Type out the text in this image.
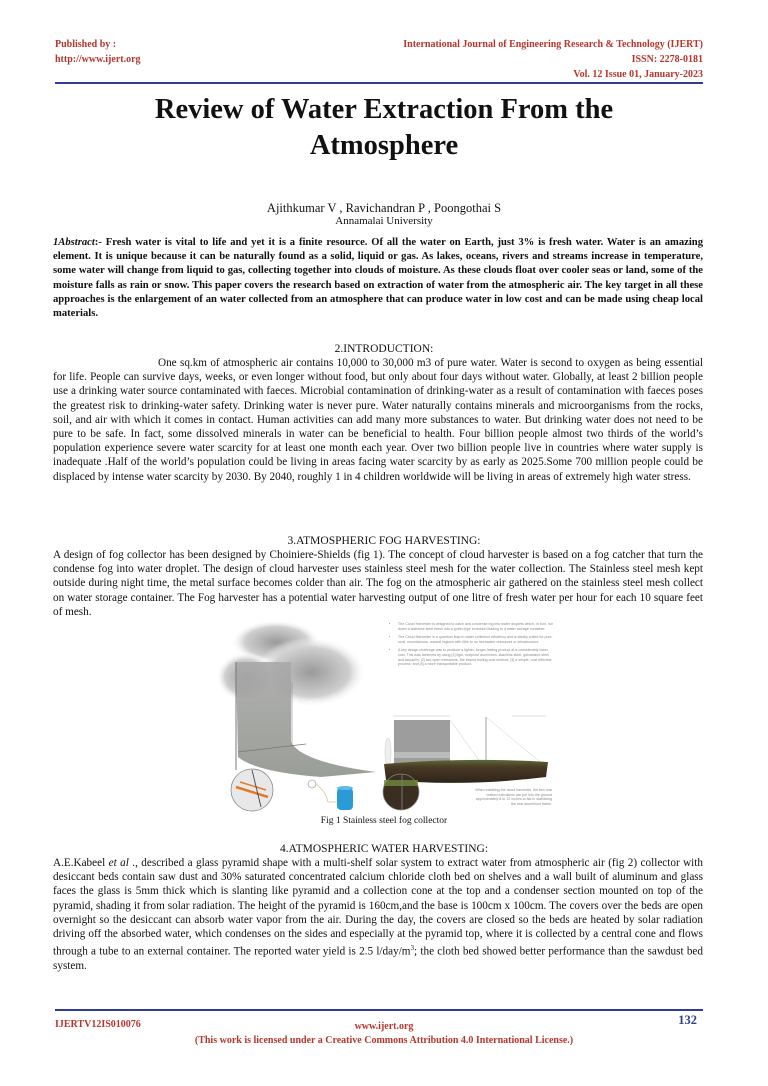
Published by :
http://www.ijert.org
International Journal of Engineering Research & Technology (IJERT)
ISSN: 2278-0181
Vol. 12 Issue 01, January-2023
Review of Water Extraction From the
Atmosphere
Ajithkumar V , Ravichandran P , Poongothai S
Annamalai University
1Abstract:- Fresh water is vital to life and yet it is a finite resource. Of all the water on Earth, just 3% is fresh water. Water is an amazing element. It is unique because it can be naturally found as a solid, liquid or gas. As lakes, oceans, rivers and streams increase in temperature, some water will change from liquid to gas, collecting together into clouds of moisture. As these clouds float over cooler seas or land, some of the moisture falls as rain or snow. This paper covers the research based on extraction of water from the atmospheric air. The key target in all these approaches is the enlargement of an water collected from an atmosphere that can produce water in low cost and can be made using cheap local materials.
2.INTRODUCTION:
One sq.km of atmospheric air contains 10,000 to 30,000 m3 of pure water. Water is second to oxygen as being essential for life. People can survive days, weeks, or even longer without food, but only about four days without water. Globally, at least 2 billion people use a drinking water source contaminated with faeces. Microbial contamination of drinking-water as a result of contamination with faeces poses the greatest risk to drinking-water safety. Drinking water is never pure. Water naturally contains minerals and microorganisms from the rocks, soil, and air with which it comes in contact. Human activities can add many more substances to water. But drinking water does not need to be pure to be safe. In fact, some dissolved minerals in water can be beneficial to health. Four billion people almost two thirds of the world’s population experience severe water scarcity for at least one month each year. Over two billion people live in countries where water supply is inadequate .Half of the world’s population could be living in areas facing water scarcity by as early as 2025.Some 700 million people could be displaced by intense water scarcity by 2030. By 2040, roughly 1 in 4 children worldwide will be living in areas of extremely high water stress.
3.ATMOSPHERIC FOG HARVESTING:
A design of fog collector has been designed by Choiniere-Shields (fig 1). The concept of cloud harvester is based on a fog catcher that turn the condense fog into water droplet. The design of cloud harvester uses stainless steel mesh for the water collection. The Stainless steel mesh kept outside during night time, the metal surface becomes colder than air. The fog on the atmospheric air gathered on the stainless steel mesh collect on water storage container. The Fog harvester has a potential water harvesting output of one litre of fresh water per hour for each 10 square feet of mesh.
• The Cloud Harvester is designed to catch and condense fog into water droplets which, in turn, run down a stainless steel mesh into a gutter-type extrusion leading to a water storage container.
• The Cloud Harvester is a quantum leap in water collection efficiency and is ideally suited for poor, rural, mountainous, coastal regions with little to no freshwater resources or infrastructure.
• A key design challenge was to produce a lighter, longer-lasting product at a considerably lower cost. This was achieved by using [1] light, rustproof aluminium, stainless steel, galvanized steel and tarpaulin; [2] two open extrusions, the lowest tooling-cost method; [3] a simple, cost effective process; and [4] a more transportable product.
When installing the cloud harvester, the two rear bottom extrusions are put into the ground approximately 8 to 12 inches to aid in stabilizing the rear aluminium frame.
Fig 1 Stainless steel fog collector
4.ATMOSPHERIC WATER HARVESTING:
A.E.Kabeel et al ., described a glass pyramid shape with a multi-shelf solar system to extract water from atmospheric air (fig 2) collector with desiccant beds contain saw dust and 30% saturated concentrated calcium chloride cloth bed on shelves and a wall built of aluminum and glass faces the glass is 5mm thick which is slanting like pyramid and a collection cone at the top and a condenser section mounted on top of the pyramid, shading it from solar radiation. The height of the pyramid is 160cm,and the base is 100cm x 100cm. The covers over the beds are open overnight so the desiccant can absorb water vapor from the air. During the day, the covers are closed so the beds are heated by solar radiation driving off the absorbed water, which condenses on the sides and especially at the pyramid top, where it is collected by a central cone and flows through a tube to an external container. The reported water yield is 2.5 $l/day/m^3$; the cloth bed showed better performance than the sawdust bed system.
IJERTV12IS010076	www.ijert.org
(This work is licensed under a Creative Commons Attribution 4.0 International License.)
132
